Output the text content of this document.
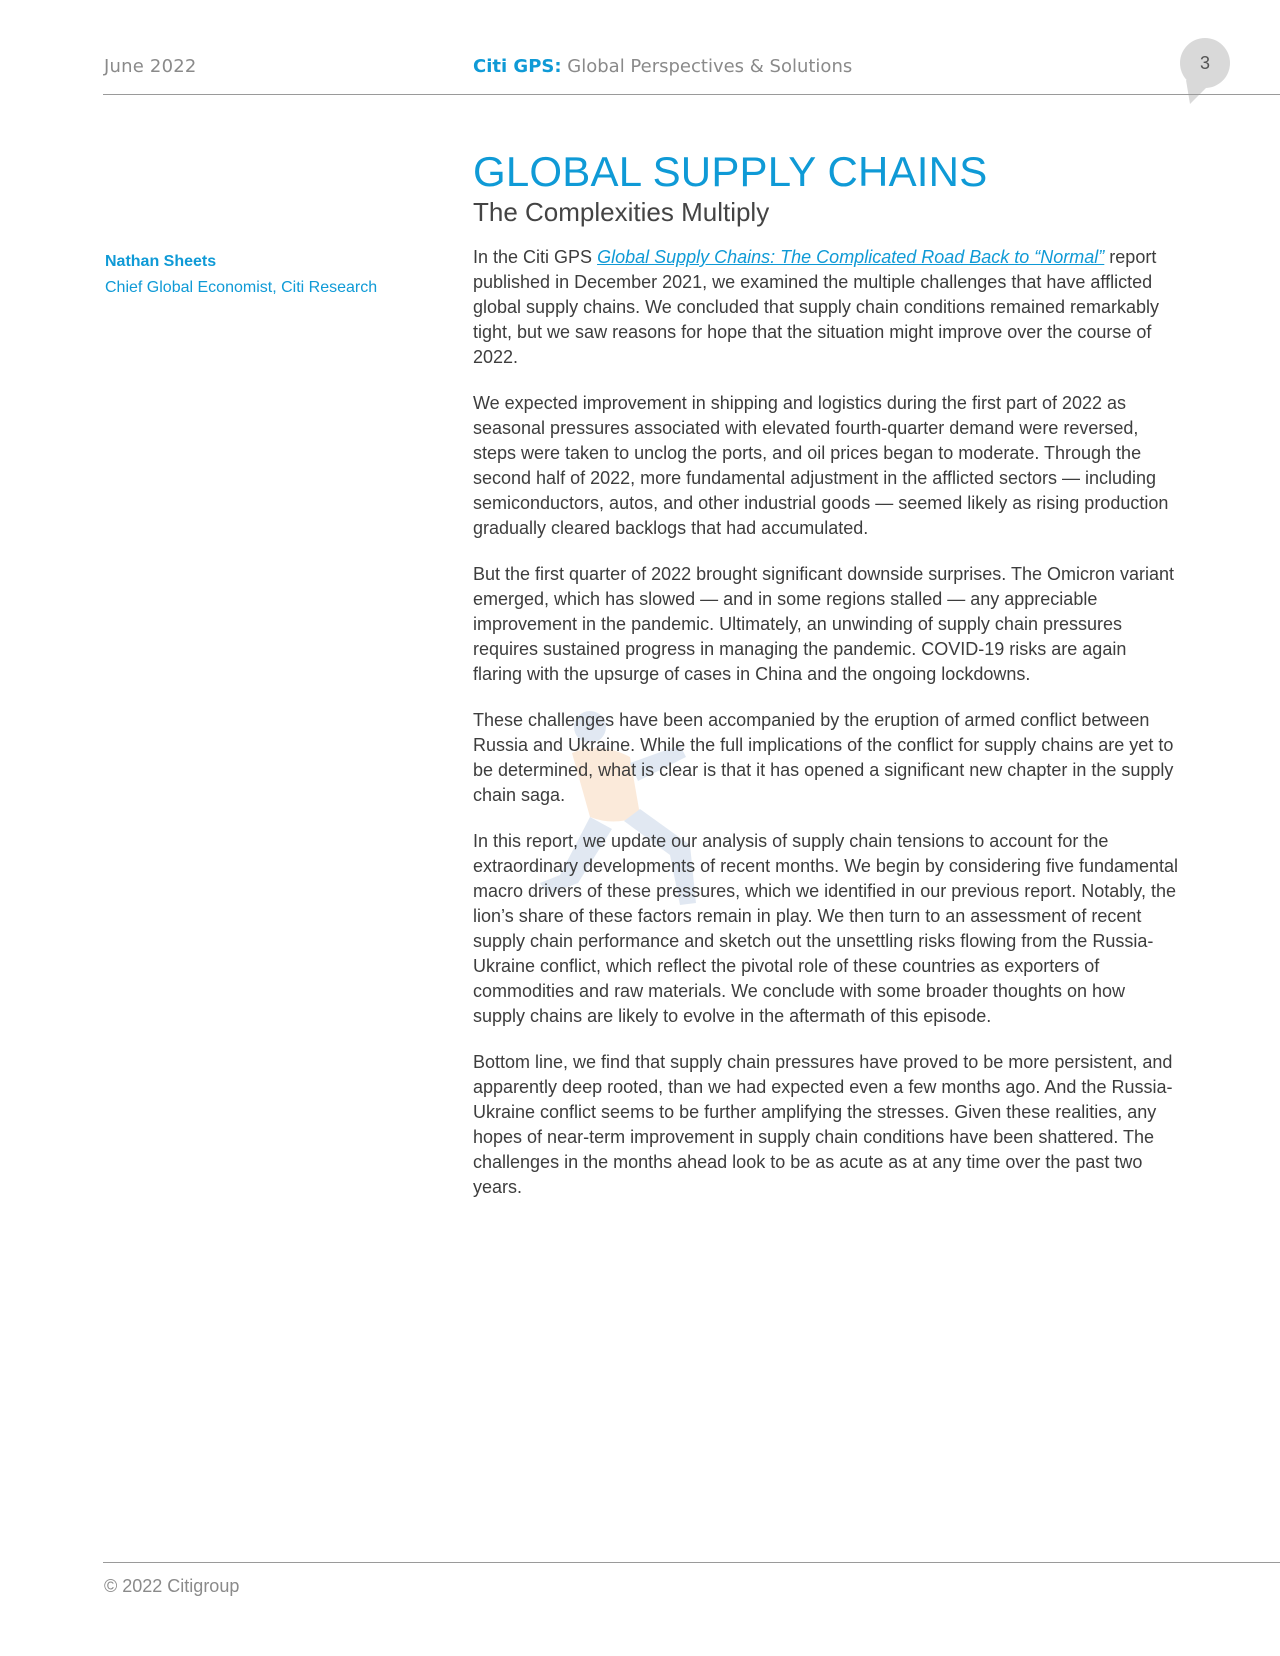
June 2022	Citi GPS: Global Perspectives & Solutions	3
GLOBAL SUPPLY CHAINS
The Complexities Multiply
Nathan Sheets
Chief Global Economist, Citi Research

In the Citi GPS Global Supply Chains: The Complicated Road Back to “Normal” report published in December 2021, we examined the multiple challenges that have afflicted global supply chains. We concluded that supply chain conditions remained remarkably tight, but we saw reasons for hope that the situation might improve over the course of 2022.

We expected improvement in shipping and logistics during the first part of 2022 as seasonal pressures associated with elevated fourth-quarter demand were reversed, steps were taken to unclog the ports, and oil prices began to moderate. Through the second half of 2022, more fundamental adjustment in the afflicted sectors — including semiconductors, autos, and other industrial goods — seemed likely as rising production gradually cleared backlogs that had accumulated.

But the first quarter of 2022 brought significant downside surprises. The Omicron variant emerged, which has slowed — and in some regions stalled — any appreciable improvement in the pandemic. Ultimately, an unwinding of supply chain pressures requires sustained progress in managing the pandemic. COVID-19 risks are again flaring with the upsurge of cases in China and the ongoing lockdowns.

These challenges have been accompanied by the eruption of armed conflict between Russia and Ukraine. While the full implications of the conflict for supply chains are yet to be determined, what is clear is that it has opened a significant new chapter in the supply chain saga.

In this report, we update our analysis of supply chain tensions to account for the extraordinary developments of recent months. We begin by considering five fundamental macro drivers of these pressures, which we identified in our previous report. Notably, the lion’s share of these factors remain in play. We then turn to an assessment of recent supply chain performance and sketch out the unsettling risks flowing from the Russia-Ukraine conflict, which reflect the pivotal role of these countries as exporters of commodities and raw materials. We conclude with some broader thoughts on how supply chains are likely to evolve in the aftermath of this episode.

Bottom line, we find that supply chain pressures have proved to be more persistent, and apparently deep rooted, than we had expected even a few months ago. And the Russia-Ukraine conflict seems to be further amplifying the stresses. Given these realities, any hopes of near-term improvement in supply chain conditions have been shattered. The challenges in the months ahead look to be as acute as at any time over the past two years.

© 2022 Citigroup
